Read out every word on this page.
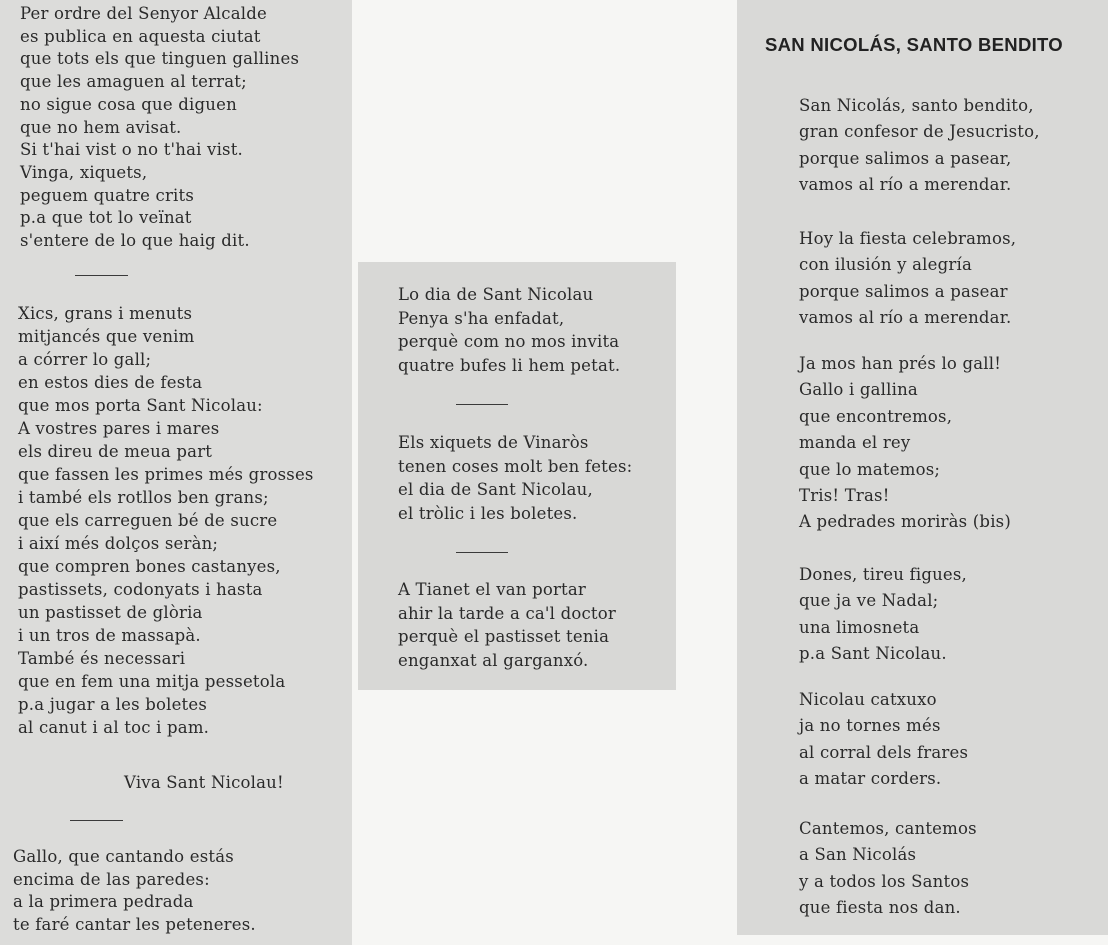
Per ordre del Senyor Alcalde
es publica en aquesta ciutat
que tots els que tinguen gallines
que les amaguen al terrat;
no sigue cosa que diguen
que no hem avisat.
Si t'hai vist o no t'hai vist.
Vinga, xiquets,
peguem quatre crits
p.a que tot lo veïnat
s'entere de lo que haig dit.
Xics, grans i menuts
mitjancés que venim
a córrer lo gall;
en estos dies de festa
que mos porta Sant Nicolau:
A vostres pares i mares
els direu de meua part
que fassen les primes més grosses
i també els rotllos ben grans;
que els carreguen bé de sucre
i així més dolços seràn;
que compren bones castanyes,
pastissets, codonyats i hasta
un pastisset de glòria
i un tros de massapà.
També és necessari
que en fem una mitja pessetola
p.a jugar a les boletes
al canut i al toc i pam.
Viva Sant Nicolau!
Gallo, que cantando estás
encima de las paredes:
a la primera pedrada
te faré cantar les peteneres.
Lo dia de Sant Nicolau
Penya s'ha enfadat,
perquè com no mos invita
quatre bufes li hem petat.
Els xiquets de Vinaròs
tenen coses molt ben fetes:
el dia de Sant Nicolau,
el tròlic i les boletes.
A Tianet el van portar
ahir la tarde a ca'l doctor
perquè el pastisset tenia
enganxat al garganxó.
SAN NICOLÁS, SANTO BENDITO
San Nicolás, santo bendito,
gran confesor de Jesucristo,
porque salimos a pasear,
vamos al río a merendar.
Hoy la fiesta celebramos,
con ilusión y alegría
porque salimos a pasear
vamos al río a merendar.
Ja mos han prés lo gall!
Gallo i gallina
que encontremos,
manda el rey
que lo matemos;
Tris! Tras!
A pedrades moriràs (bis)
Dones, tireu figues,
que ja ve Nadal;
una limosneta
p.a Sant Nicolau.
Nicolau catxuxo
ja no tornes més
al corral dels frares
a matar corders.
Cantemos, cantemos
a San Nicolás
y a todos los Santos
que fiesta nos dan.
